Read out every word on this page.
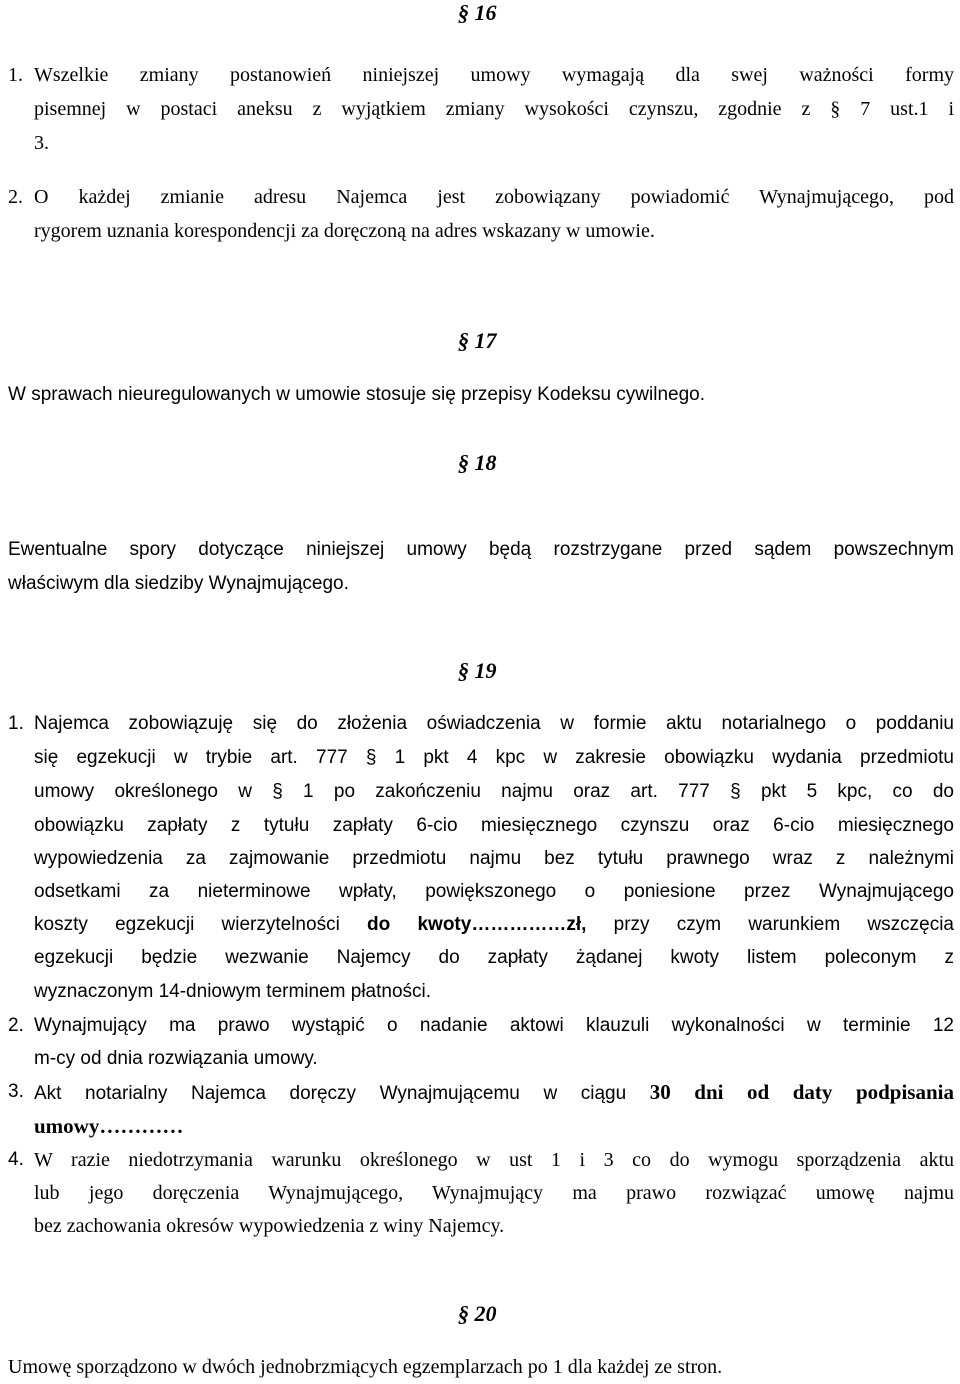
§ 16
1. Wszelkie zmiany postanowień niniejszej umowy wymagają dla swej ważności formy
pisemnej w postaci aneksu z wyjątkiem zmiany wysokości czynszu, zgodnie z § 7 ust.1 i
3.
2. O każdej zmianie adresu Najemca jest zobowiązany powiadomić Wynajmującego, pod
rygorem uznania korespondencji za doręczoną na adres wskazany w umowie.
§ 17
W sprawach nieuregulowanych w umowie stosuje się przepisy Kodeksu cywilnego.
§ 18
Ewentualne spory dotyczące niniejszej umowy będą rozstrzygane przed sądem powszechnym
właściwym dla siedziby Wynajmującego.
§ 19
1. Najemca zobowiązuję się do złożenia oświadczenia w formie aktu notarialnego o poddaniu
się egzekucji w trybie art. 777 § 1 pkt 4 kpc w zakresie obowiązku wydania przedmiotu
umowy określonego w § 1 po zakończeniu najmu oraz art. 777 § pkt 5 kpc, co do
obowiązku zapłaty z tytułu zapłaty 6-cio miesięcznego czynszu oraz 6-cio miesięcznego
wypowiedzenia za zajmowanie przedmiotu najmu bez tytułu prawnego wraz z należnymi
odsetkami za nieterminowe wpłaty, powiększonego o poniesione przez Wynajmującego
koszty egzekucji wierzytelności do kwoty……………zł, przy czym warunkiem wszczęcia
egzekucji będzie wezwanie Najemcy do zapłaty żądanej kwoty listem poleconym z
wyznaczonym 14-dniowym terminem płatności.
2. Wynajmujący ma prawo wystąpić o nadanie aktowi klauzuli wykonalności w terminie 12
m-cy od dnia rozwiązania umowy.
3. Akt notarialny Najemca doręczy Wynajmującemu w ciągu 30 dni od daty podpisania
umowy…………
4. W razie niedotrzymania warunku określonego w ust 1 i 3 co do wymogu sporządzenia aktu
lub jego doręczenia Wynajmującego, Wynajmujący ma prawo rozwiązać umowę najmu
bez zachowania okresów wypowiedzenia z winy Najemcy.
§ 20
Umowę sporządzono w dwóch jednobrzmiących egzemplarzach po 1 dla każdej ze stron.
